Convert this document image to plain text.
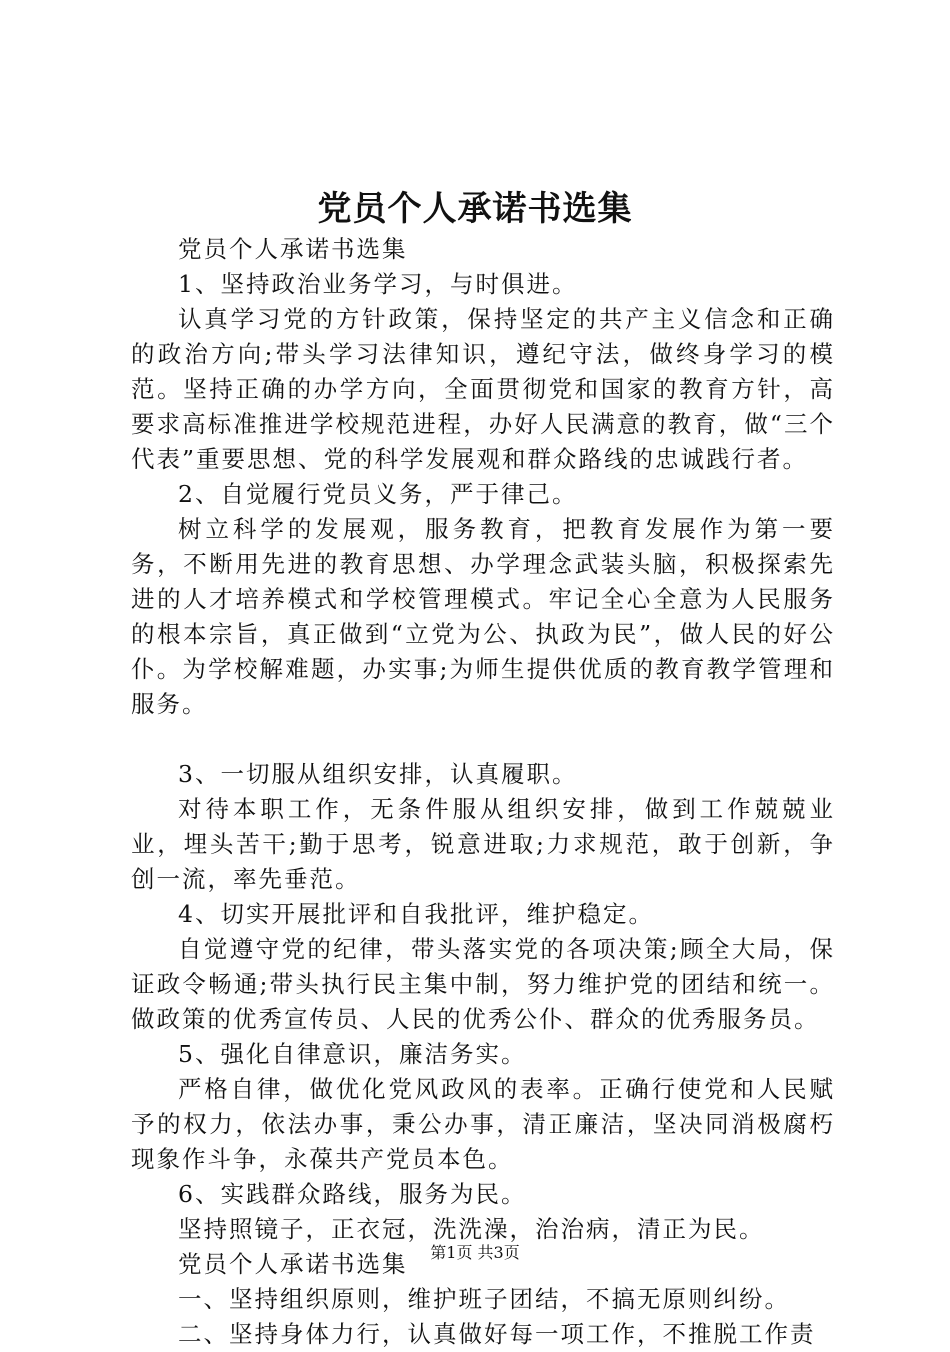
党员个人承诺书选集

党员个人承诺书选集

1、坚持政治业务学习，与时俱进。

认真学习党的方针政策，保持坚定的共产主义信念和正确的政治方向;带头学习法律知识，遵纪守法，做终身学习的模范。坚持正确的办学方向，全面贯彻党和国家的教育方针，高要求高标准推进学校规范进程，办好人民满意的教育，做“三个代表”重要思想、党的科学发展观和群众路线的忠诚践行者。

2、自觉履行党员义务，严于律己。

树立科学的发展观，服务教育，把教育发展作为第一要务，不断用先进的教育思想、办学理念武装头脑，积极探索先进的人才培养模式和学校管理模式。牢记全心全意为人民服务的根本宗旨，真正做到“立党为公、执政为民”，做人民的好公仆。为学校解难题，办实事;为师生提供优质的教育教学管理和服务。

3、一切服从组织安排，认真履职。

对待本职工作，无条件服从组织安排，做到工作兢兢业业，埋头苦干;勤于思考，锐意进取;力求规范，敢于创新，争创一流，率先垂范。

4、切实开展批评和自我批评，维护稳定。

自觉遵守党的纪律，带头落实党的各项决策;顾全大局，保证政令畅通;带头执行民主集中制，努力维护党的团结和统一。做政策的优秀宣传员、人民的优秀公仆、群众的优秀服务员。

5、强化自律意识，廉洁务实。

严格自律，做优化党风政风的表率。正确行使党和人民赋予的权力，依法办事，秉公办事，清正廉洁，坚决同消极腐朽现象作斗争，永葆共产党员本色。

6、实践群众路线，服务为民。

坚持照镜子，正衣冠，洗洗澡，治治病，清正为民。

党员个人承诺书选集

一、坚持组织原则，维护班子团结，不搞无原则纠纷。

二、坚持身体力行，认真做好每一项工作，不推脱工作责

第1页 共3页
